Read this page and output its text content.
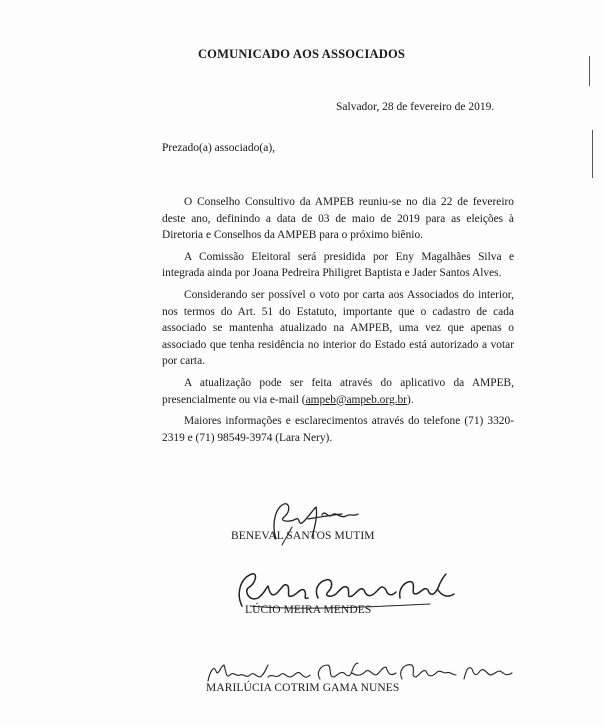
COMUNICADO AOS ASSOCIADOS
Salvador, 28 de fevereiro de 2019.
Prezado(a) associado(a),

O Conselho Consultivo da AMPEB reuniu-se no dia 22 de fevereiro deste ano, definindo a data de 03 de maio de 2019 para as eleições à Diretoria e Conselhos da AMPEB para o próximo biênio.

A Comissão Eleitoral será presidida por Eny Magalhães Silva e integrada ainda por Joana Pedreira Philigret Baptista e Jader Santos Alves.

Considerando ser possível o voto por carta aos Associados do interior, nos termos do Art. 51 do Estatuto, importante que o cadastro de cada associado se mantenha atualizado na AMPEB, uma vez que apenas o associado que tenha residência no interior do Estado está autorizado a votar por carta.

A atualização pode ser feita através do aplicativo da AMPEB, presencialmente ou via e-mail (ampeb@ampeb.org.br).

Maiores informações e esclarecimentos através do telefone (71) 3320-2319 e (71) 98549-3974 (Lara Nery).

BENEVAL SANTOS MUTIM
LÚCIO MEIRA MENDES
MARILÚCIA COTRIM GAMA NUNES
